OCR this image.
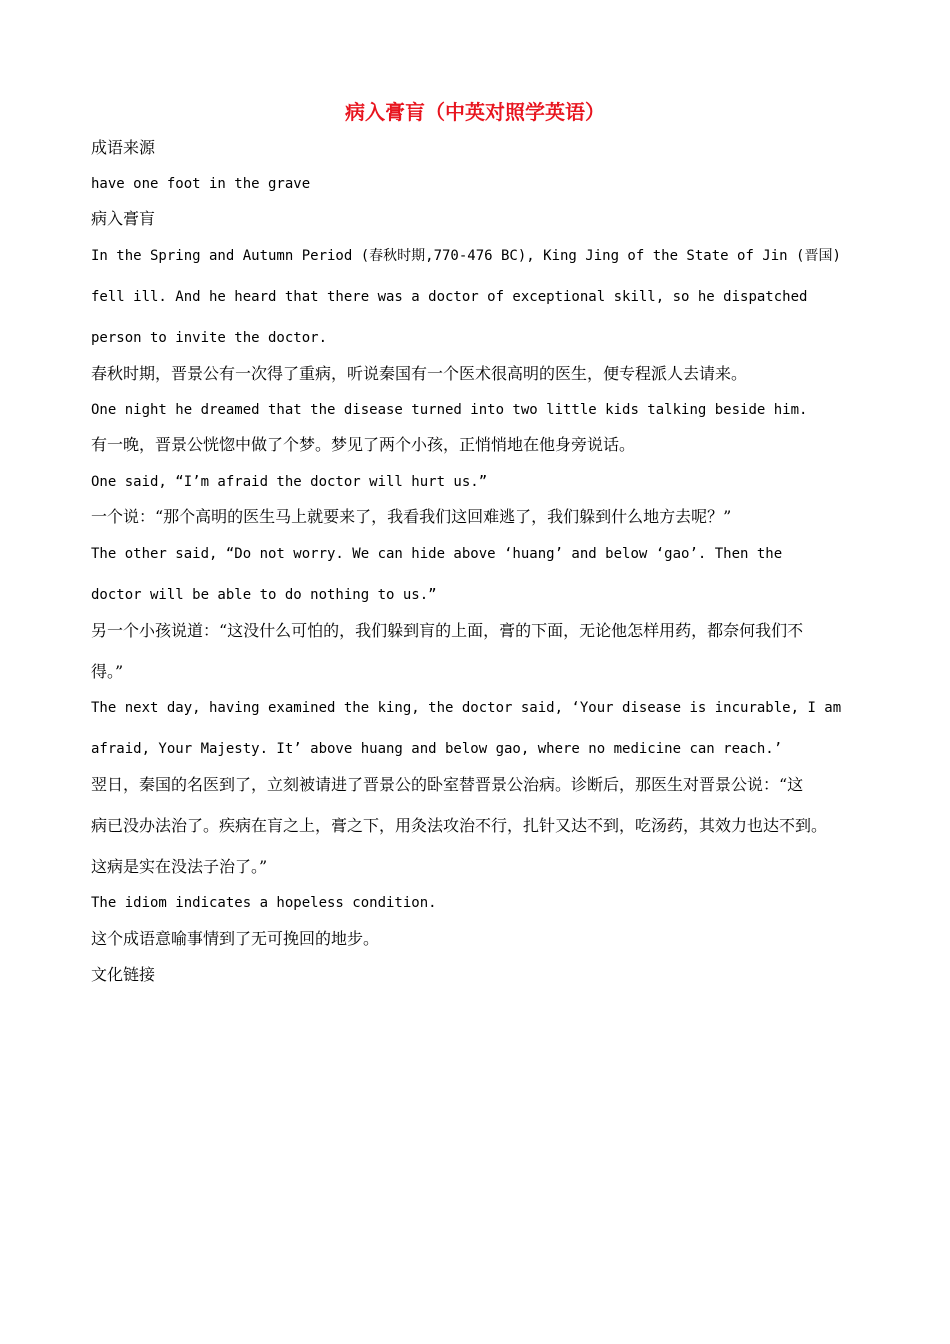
病入膏肓（中英对照学英语）

成语来源

have one foot in the grave

病入膏肓

In the Spring and Autumn Period (春秋时期,770-476 BC), King Jing of the State of Jin (晋国)

fell ill. And he heard that there was a doctor of exceptional skill, so he dispatched

person to invite the doctor.

春秋时期，晋景公有一次得了重病，听说秦国有一个医术很高明的医生，便专程派人去请来。

One night he dreamed that the disease turned into two little kids talking beside him.

有一晚，晋景公恍惚中做了个梦。梦见了两个小孩，正悄悄地在他身旁说话。

One said, “I’m afraid the doctor will hurt us.”

一个说：“那个高明的医生马上就要来了，我看我们这回难逃了，我们躲到什么地方去呢？”

The other said, “Do not worry. We can hide above ‘huang’ and below ‘gao’. Then the

doctor will be able to do nothing to us.”

另一个小孩说道：“这没什么可怕的，我们躲到肓的上面，膏的下面，无论他怎样用药，都奈何我们不

得。”

The next day, having examined the king, the doctor said, ‘Your disease is incurable, I am

afraid, Your Majesty. It’ above huang and below gao, where no medicine can reach.’

翌日，秦国的名医到了，立刻被请进了晋景公的卧室替晋景公治病。诊断后，那医生对晋景公说：“这

病已没办法治了。疾病在肓之上，膏之下，用灸法攻治不行，扎针又达不到，吃汤药，其效力也达不到。

这病是实在没法子治了。”

The idiom indicates a hopeless condition.

这个成语意喻事情到了无可挽回的地步。

文化链接
